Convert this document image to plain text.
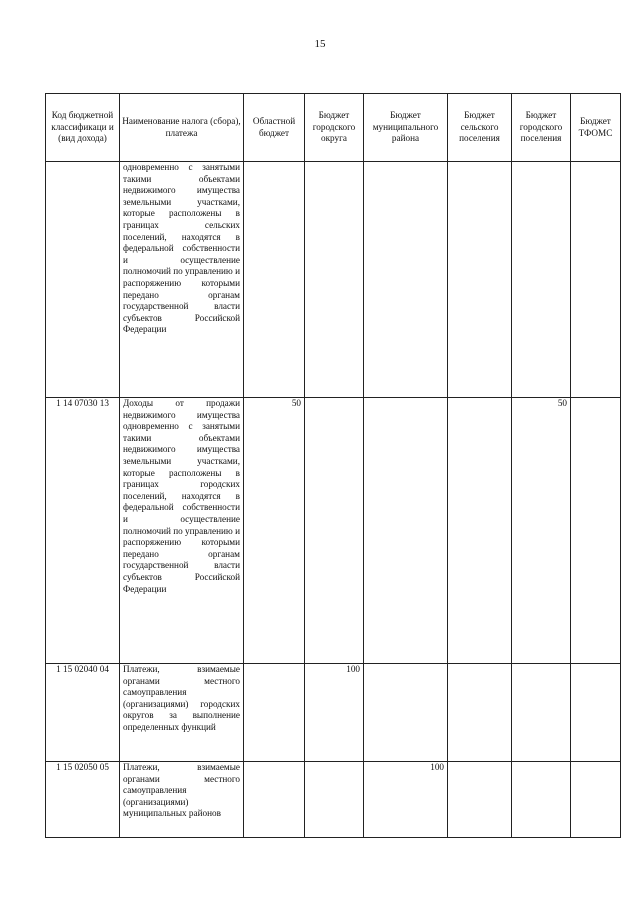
15
Код бюджетной классификаци и (вид дохода)	Наименование налога (сбора), платежа	Областной бюджет	Бюджет городского округа	Бюджет муниципального района	Бюджет сельского поселения	Бюджет городского поселения	Бюджет ТФОМС
	одновременно с занятыми такими объектами недвижимого имущества земельными участками, которые расположены в границах сельских поселений, находятся в федеральной собственности и осуществление полномочий по управлению и распоряжению которыми передано органам государственной власти субъектов Российской Федерации						
1 14 07030 13	Доходы от продажи недвижимого имущества одновременно с занятыми такими объектами недвижимого имущества земельными участками, которые расположены в границах городских поселений, находятся в федеральной собственности и осуществление полномочий по управлению и распоряжению которыми передано органам государственной власти субъектов Российской Федерации	50				50	
1 15 02040 04	Платежи, взимаемые органами местного самоуправления (организациями) городских округов за выполнение определенных функций		100				
1 15 02050 05	Платежи, взимаемые органами местного самоуправления (организациями) муниципальных районов			100			
